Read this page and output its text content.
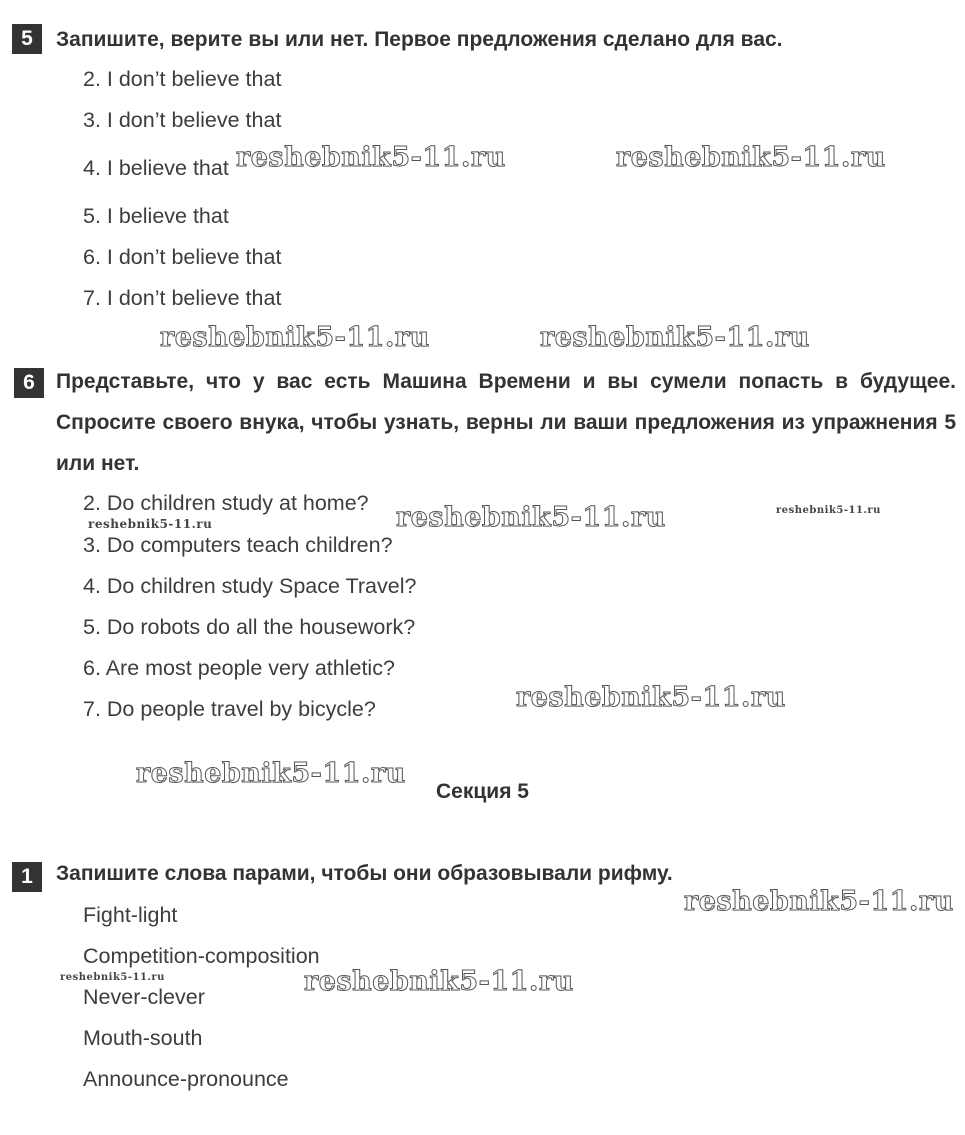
5	Запишите, верите вы или нет. Первое предложения сделано для вас.

2. I don’t believe that
3. I don’t believe that
4. I believe that
5. I believe that
6. I don’t believe that
7. I don’t believe that
6	Представьте, что у вас есть Машина Времени и вы сумели попасть в будущее. Спросите своего внука, чтобы узнать, верны ли ваши предложения из упражнения 5 или нет.

2. Do children study at home?
3. Do computers teach children?
4. Do children study Space Travel?
5. Do robots do all the housework?
6. Are most people very athletic?
7. Do people travel by bicycle?
Секция 5
1	Запишите слова парами, чтобы они образовывали рифму.

Fight-light
Competition-composition
Never-clever
Mouth-south
Announce-pronounce
reshebnik5-11.ru	reshebnik5-11.ru
reshebnik5-11.ru	reshebnik5-11.ru
reshebnik5-11.ru
reshebnik5-11.ru
reshebnik5-11.ru
reshebnik5-11.ru
reshebnik5-11.ru
reshebnik5-11.ru
reshebnik5-11.ru	reshebnik5-11.ru
